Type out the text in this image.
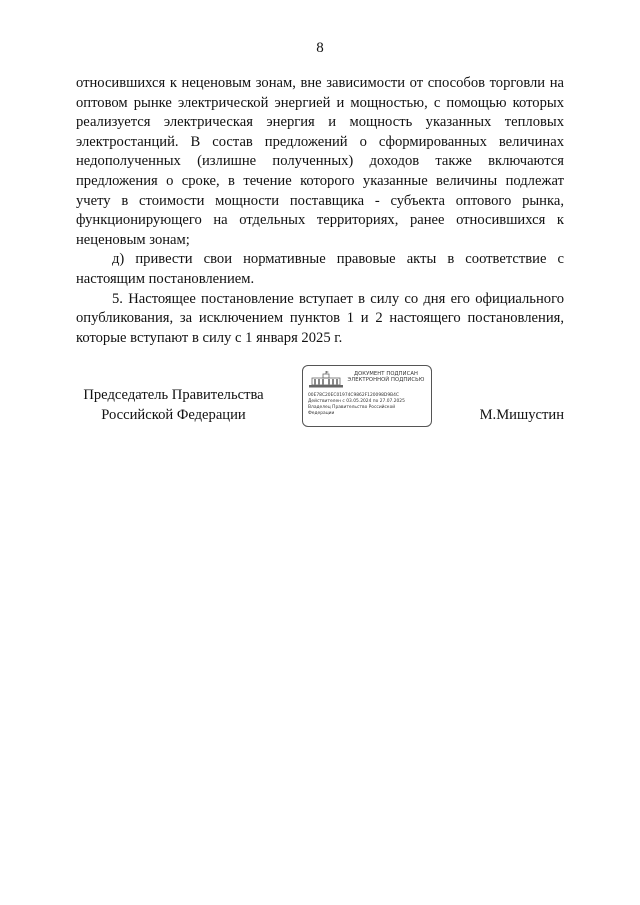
8

относившихся к неценовым зонам, вне зависимости от способов торговли на оптовом рынке электрической энергией и мощностью, с помощью которых реализуется электрическая энергия и мощность указанных тепловых электростанций. В состав предложений о сформированных величинах недополученных (излишне полученных) доходов также включаются предложения о сроке, в течение которого указанные величины подлежат учету в стоимости мощности поставщика - субъекта оптового рынка, функционирующего на отдельных территориях, ранее относившихся к неценовым зонам;

д) привести свои нормативные правовые акты в соответствие с настоящим постановлением.

5. Настоящее постановление вступает в силу со дня его официального опубликования, за исключением пунктов 1 и 2 настоящего постановления, которые вступают в силу с 1 января 2025 г.

Председатель Правительства
Российской Федерации
ДОКУМЕНТ ПОДПИСАН
ЭЛЕКТРОННОЙ ПОДПИСЬЮ
00E78C20EC01974C9862F120098D9B4C
Действителен с 03.05.2024 по 27.07.2025
Владелец Правительство Российской
Федерации	М.Мишустин
